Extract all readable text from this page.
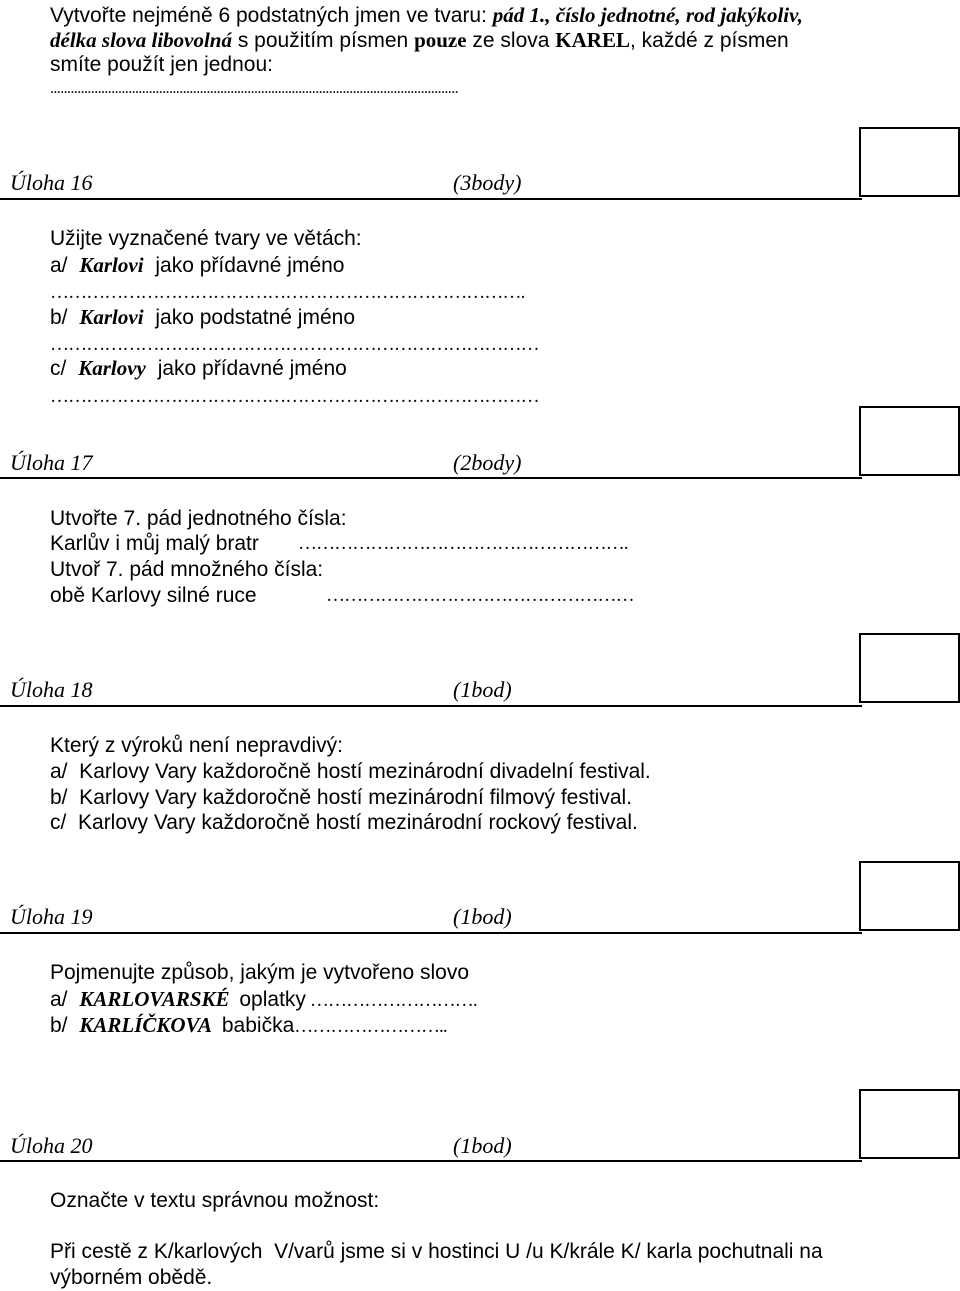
Vytvořte nejméně 6 podstatných jmen ve tvaru: pád 1., číslo jednotné, rod jakýkoliv,
délka slova libovolná s použitím písmen pouze ze slova KAREL, každé z písmen
smíte použít jen jednou:
........................................................................................................................
Úloha 16	(3body)
Užijte vyznačené tvary ve větách:
a/ Karlovi jako přídavné jméno
…………………………………………………………………….
b/ Karlovi jako podstatné jméno
………………………………………………………………………
c/ Karlovy jako přídavné jméno
………………………………………………………………………
Úloha 17	(2body)
Utvořte 7. pád jednotného čísla:
Karlův i můj malý bratr ……………………………………………….
Utvoř 7. pád množného čísla:
obě Karlovy silné ruce	……………………………………………
Úloha 18	(1bod)
Který z výroků není nepravdivý:
a/  Karlovy Vary každoročně hostí mezinárodní divadelní festival.
b/  Karlovy Vary každoročně hostí mezinárodní filmový festival.
c/  Karlovy Vary každoročně hostí mezinárodní rockový festival.
Úloha 19	(1bod)
Pojmenujte způsob, jakým je vytvořeno slovo
a/ KARLOVARSKÉ oplatky ……………………….
b/ KARLÍČKOVA babička……………………..
Úloha 20	(1bod)
Označte v textu správnou možnost:
Při cestě z K/karlových  V/varů jsme si v hostinci U /u K/krále K/ karla pochutnali na
výborném obědě.
